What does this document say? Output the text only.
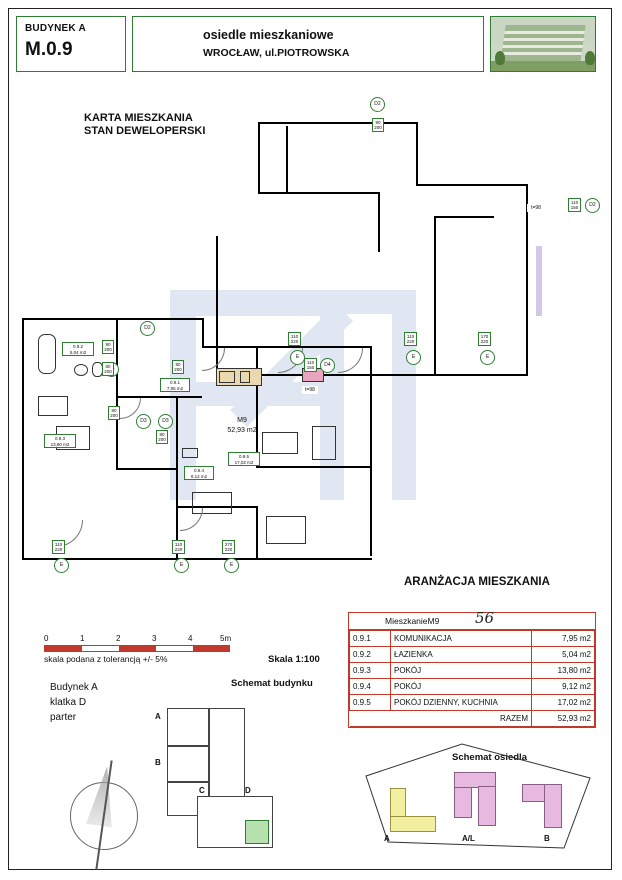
BUDYNEK A
M.0.9
osiedle mieszkaniowe
WROCŁAW, ul.PIOTROWSKA
KARTA MIESZKANIA
STAN DEWELOPERSKI
D2
90
200
110
150	D2
t=98
0.9.2
5,04 m2
0.9.3
13,80 m2
0.9.1
7,95 m2
0.9.4
9,12 m2
0.9.5
17,02 m2
M9
52,93 m2
D2
D3	D3
90
200
80
200
80
200
80
200
80
200
110
150	D4
t=98
110
220
110
220
170
220
E	E	E
110
220
E
110
220
E
270
220
E
ARANŻACJA MIESZKANIA
0	1	2	3	4	5m
skala podana z tolerancją +/- 5%	Skala 1:100
Budynek A
klatka D
parter
Schemat budynku
A
B
C	D
MieszkanieM9 56
0.9.1	KOMUNIKACJA	7,95 m2
0.9.2	ŁAZIENKA	5,04 m2
0.9.3	POKÓJ	13,80 m2
0.9.4	POKÓJ	9,12 m2
0.9.5	POKÓJ DZIENNY, KUCHNIA	17,02 m2
RAZEM		52,93 m2
Schemat osiedla
A	A/L	B
